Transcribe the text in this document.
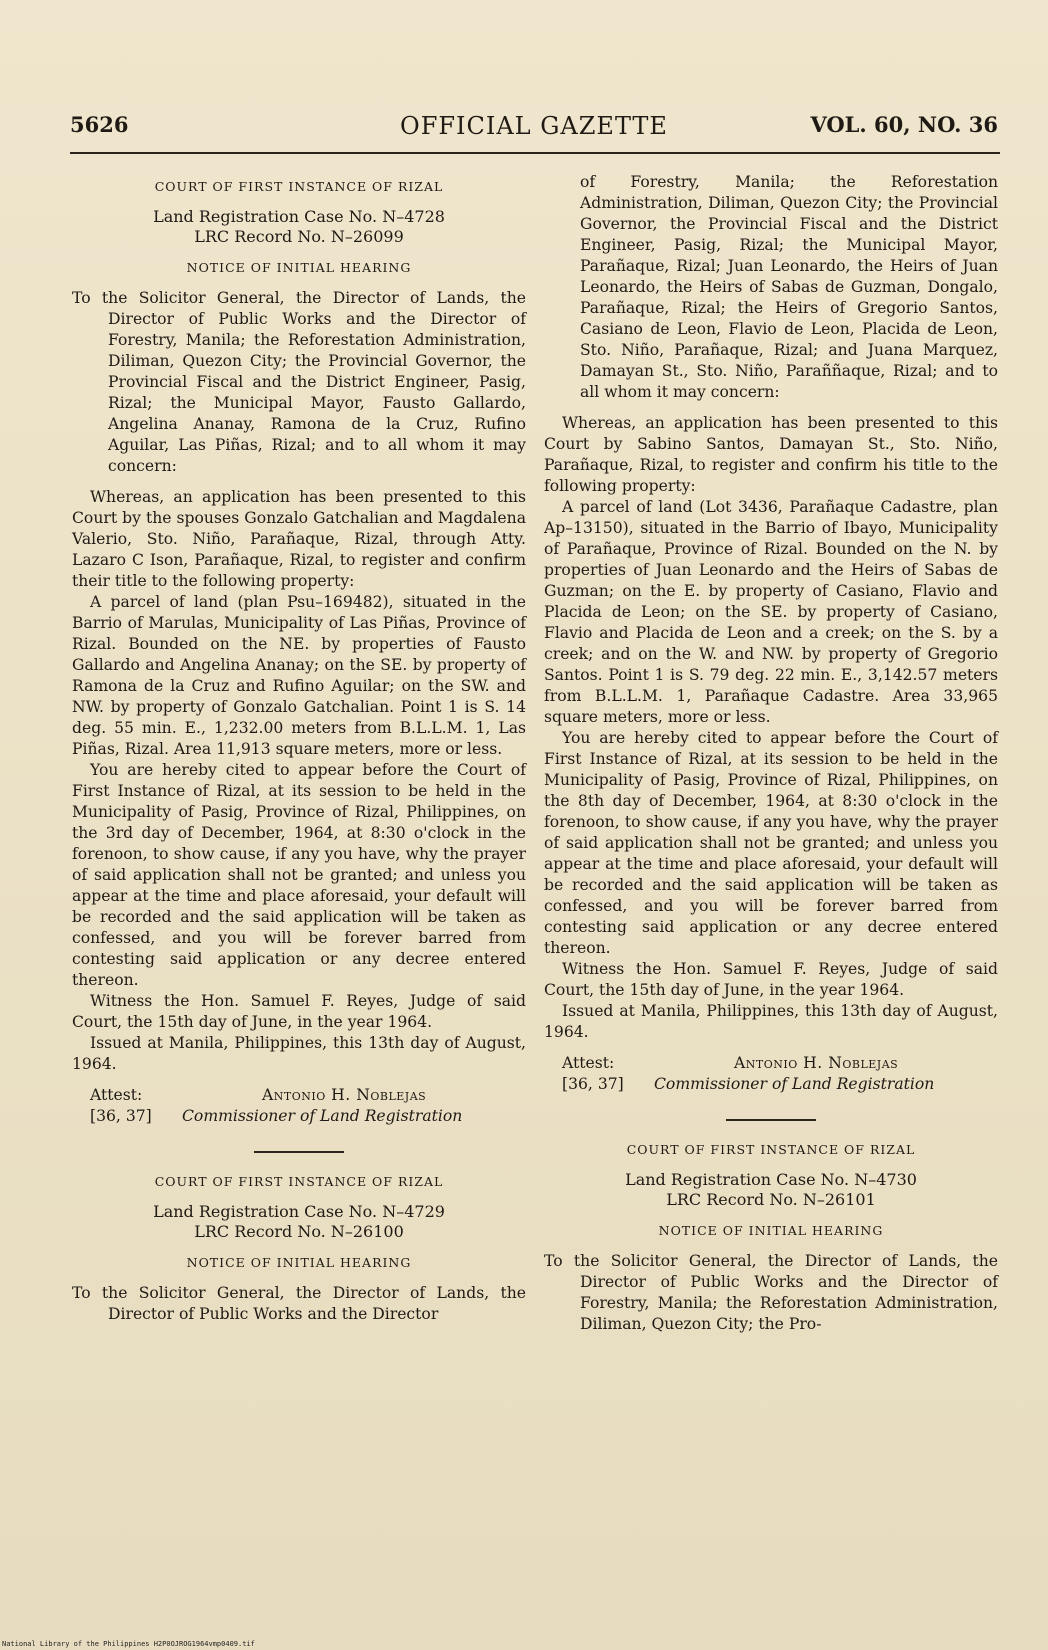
5626	OFFICIAL GAZETTE	VOL. 60, NO. 36
COURT OF FIRST INSTANCE OF RIZAL

Land Registration Case No. N–4728

LRC Record No. N–26099

NOTICE OF INITIAL HEARING

To the Solicitor General, the Director of Lands, the Director of Public Works and the Director of Forestry, Manila; the Reforestation Administration, Diliman, Quezon City; the Provincial Governor, the Provincial Fiscal and the District Engineer, Pasig, Rizal; the Municipal Mayor, Fausto Gallardo, Angelina Ananay, Ramona de la Cruz, Rufino Aguilar, Las Piñas, Rizal; and to all whom it may concern:

Whereas, an application has been presented to this Court by the spouses Gonzalo Gatchalian and Magdalena Valerio, Sto. Niño, Parañaque, Rizal, through Atty. Lazaro C Ison, Parañaque, Rizal, to register and confirm their title to the following property:

A parcel of land (plan Psu–169482), situated in the Barrio of Marulas, Municipality of Las Piñas, Province of Rizal. Bounded on the NE. by properties of Fausto Gallardo and Angelina Ananay; on the SE. by property of Ramona de la Cruz and Rufino Aguilar; on the SW. and NW. by property of Gonzalo Gatchalian. Point 1 is S. 14 deg. 55 min. E., 1,232.00 meters from B.L.L.M. 1, Las Piñas, Rizal. Area 11,913 square meters, more or less.

You are hereby cited to appear before the Court of First Instance of Rizal, at its session to be held in the Municipality of Pasig, Province of Rizal, Philippines, on the 3rd day of December, 1964, at 8:30 o'clock in the forenoon, to show cause, if any you have, why the prayer of said application shall not be granted; and unless you appear at the time and place aforesaid, your default will be recorded and the said application will be taken as confessed, and you will be forever barred from contesting said application or any decree entered thereon.

Witness the Hon. Samuel F. Reyes, Judge of said Court, the 15th day of June, in the year 1964.

Issued at Manila, Philippines, this 13th day of August, 1964.

Attest:
[36, 37]
Antonio H. Noblejas
Commissioner of Land Registration
COURT OF FIRST INSTANCE OF RIZAL

Land Registration Case No. N–4729

LRC Record No. N–26100

NOTICE OF INITIAL HEARING

To the Solicitor General, the Director of Lands, the Director of Public Works and the Director

of Forestry, Manila; the Reforestation Administration, Diliman, Quezon City; the Provincial Governor, the Provincial Fiscal and the District Engineer, Pasig, Rizal; the Municipal Mayor, Parañaque, Rizal; Juan Leonardo, the Heirs of Juan Leonardo, the Heirs of Sabas de Guzman, Dongalo, Parañaque, Rizal; the Heirs of Gregorio Santos, Casiano de Leon, Flavio de Leon, Placida de Leon, Sto. Niño, Parañaque, Rizal; and Juana Marquez, Damayan St., Sto. Niño, Paraññaque, Rizal; and to all whom it may concern:

Whereas, an application has been presented to this Court by Sabino Santos, Damayan St., Sto. Niño, Parañaque, Rizal, to register and confirm his title to the following property:

A parcel of land (Lot 3436, Parañaque Cadastre, plan Ap–13150), situated in the Barrio of Ibayo, Municipality of Parañaque, Province of Rizal. Bounded on the N. by properties of Juan Leonardo and the Heirs of Sabas de Guzman; on the E. by property of Casiano, Flavio and Placida de Leon; on the SE. by property of Casiano, Flavio and Placida de Leon and a creek; on the S. by a creek; and on the W. and NW. by property of Gregorio Santos. Point 1 is S. 79 deg. 22 min. E., 3,142.57 meters from B.L.L.M. 1, Parañaque Cadastre. Area 33,965 square meters, more or less.

You are hereby cited to appear before the Court of First Instance of Rizal, at its session to be held in the Municipality of Pasig, Province of Rizal, Philippines, on the 8th day of December, 1964, at 8:30 o'clock in the forenoon, to show cause, if any you have, why the prayer of said application shall not be granted; and unless you appear at the time and place aforesaid, your default will be recorded and the said application will be taken as confessed, and you will be forever barred from contesting said application or any decree entered thereon.

Witness the Hon. Samuel F. Reyes, Judge of said Court, the 15th day of June, in the year 1964.

Issued at Manila, Philippines, this 13th day of August, 1964.

Attest:
[36, 37]
Antonio H. Noblejas
Commissioner of Land Registration
COURT OF FIRST INSTANCE OF RIZAL

Land Registration Case No. N–4730

LRC Record No. N–26101

NOTICE OF INITIAL HEARING

To the Solicitor General, the Director of Lands, the Director of Public Works and the Director of Forestry, Manila; the Reforestation Administration, Diliman, Quezon City; the Pro-

National Library of the Philippines H2P0OJROG1964vmp0409.tif
